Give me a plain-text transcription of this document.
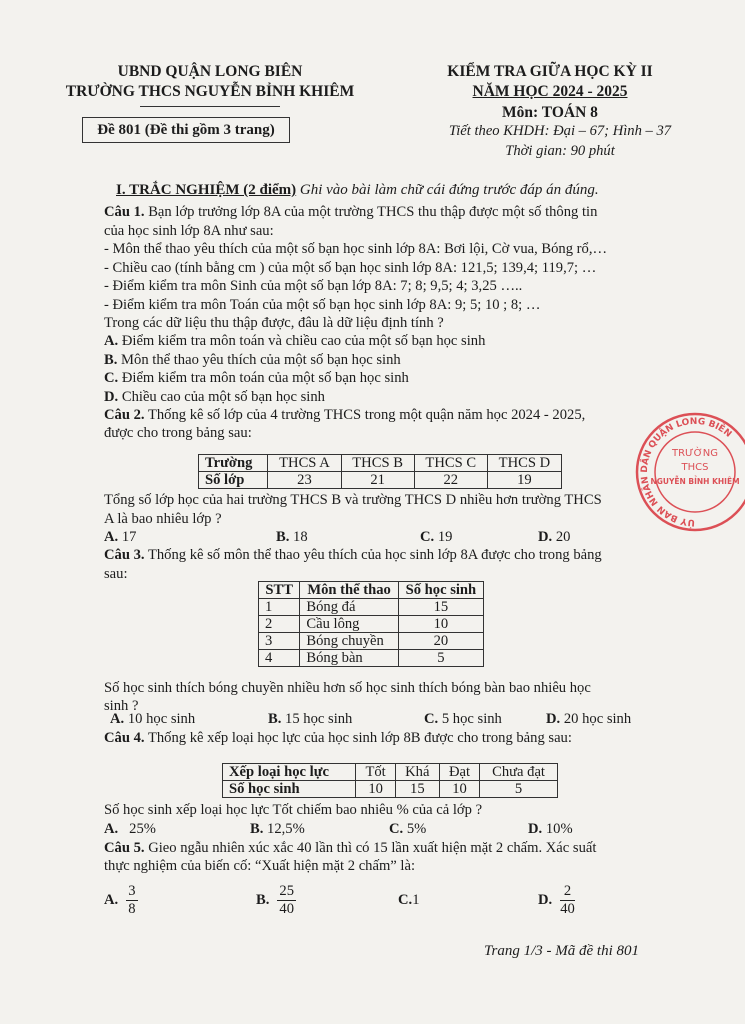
UBND QUẬN LONG BIÊN
TRƯỜNG THCS NGUYỄN BỈNH KHIÊM
Đề 801 (Đề thi gồm 3 trang)
KIỂM TRA GIỮA HỌC KỲ II
NĂM HỌC 2024 - 2025
Môn: TOÁN 8
Tiết theo KHDH: Đại – 67; Hình – 37
Thời gian: 90 phút
I. TRẮC NGHIỆM (2 điểm) Ghi vào bài làm chữ cái đứng trước đáp án đúng.
Câu 1. Bạn lớp trưởng lớp 8A của một trường THCS thu thập được một số thông tin
của học sinh lớp 8A như sau:
- Môn thể thao yêu thích của một số bạn học sinh lớp 8A: Bơi lội, Cờ vua, Bóng rổ,…
- Chiều cao (tính bằng cm ) của một số bạn học sinh lớp 8A: 121,5; 139,4; 119,7; …
- Điểm kiểm tra môn Sinh của một số bạn lớp 8A: 7; 8; 9,5; 4; 3,25 …..
- Điểm kiểm tra môn Toán của một số bạn học sinh lớp 8A: 9; 5; 10 ; 8; …
Trong các dữ liệu thu thập được, đâu là dữ liệu định tính ?
A. Điểm kiểm tra môn toán và chiều cao của một số bạn học sinh
B. Môn thể thao yêu thích của một số bạn học sinh
C. Điểm kiểm tra môn toán của một số bạn học sinh
D. Chiều cao của một số bạn học sinh
Câu 2. Thống kê số lớp của 4 trường THCS trong một quận năm học 2024 - 2025,
được cho trong bảng sau:
Trường	THCS A	THCS B	THCS C	THCS D
Số lớp	23	21	22	19
Tổng số lớp học của hai trường THCS B và trường THCS D nhiều hơn trường THCS
A là bao nhiêu lớp ?
A. 17	B. 18	C. 19	D. 20
Câu 3. Thống kê số môn thể thao yêu thích của học sinh lớp 8A được cho trong bảng
sau:
STT	Môn thể thao	Số học sinh
1	Bóng đá	15
2	Cầu lông	10
3	Bóng chuyền	20
4	Bóng bàn	5
Số học sinh thích bóng chuyền nhiều hơn số học sinh thích bóng bàn bao nhiêu học
sinh ?
A. 10 học sinh	B. 15 học sinh	C. 5 học sinh	D. 20 học sinh
Câu 4. Thống kê xếp loại học lực của học sinh lớp 8B được cho trong bảng sau:
Xếp loại học lực	Tốt	Khá	Đạt	Chưa đạt
Số học sinh	10	15	10	5
Số học sinh xếp loại học lực Tốt chiếm bao nhiêu % của cả lớp ?
A. 25%	B. 12,5%	C. 5%	D. 10%
Câu 5. Gieo ngẫu nhiên xúc xắc 40 lần thì có 15 lần xuất hiện mặt 2 chấm. Xác suất
thực nghiệm của biến cố: “Xuất hiện mặt 2 chấm” là:
A. $\frac{3}{8}$	B. $\frac{25}{40}$	C.1	D. $\frac{2}{40}$
Trang 1/3 - Mã đề thi 801
ỦY BAN NHÂN DÂN QUẬN LONG BIÊN
TRƯỜNG
THCS
NGUYỄN BỈNH KHIÊM
